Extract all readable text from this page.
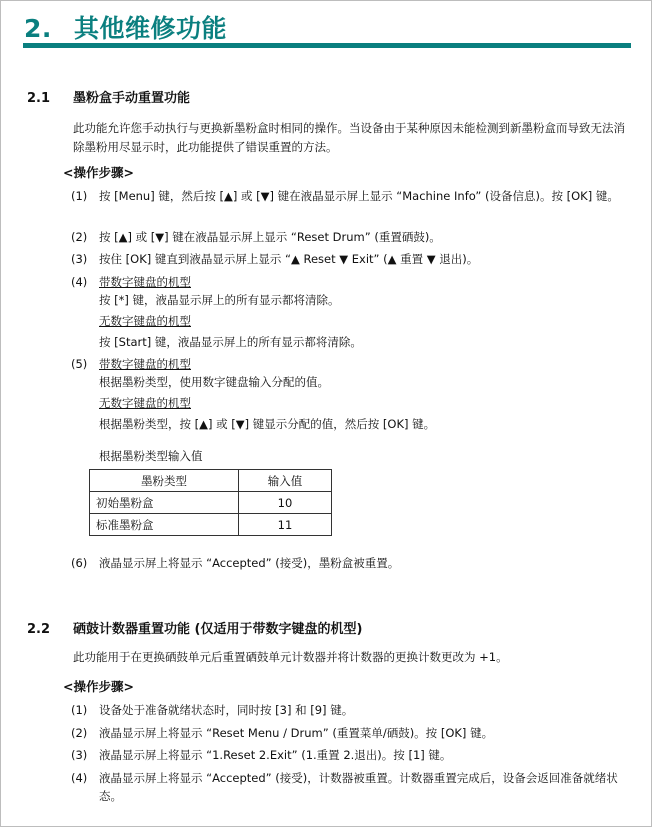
2. 其他维修功能
2.1 墨粉盒手动重置功能

此功能允许您手动执行与更换新墨粉盒时相同的操作。当设备由于某种原因未能检测到新墨粉盒而导致无法消除墨粉用尽显示时，此功能提供了错误重置的方法。

<操作步骤>

(1) 按 [Menu] 键，然后按 [▲] 或 [▼] 键在液晶显示屏上显示 “Machine Info” (设备信息)。按 [OK] 键。
(2) 按 [▲] 或 [▼] 键在液晶显示屏上显示 “Reset Drum” (重置硒鼓)。
(3) 按住 [OK] 键直到液晶显示屏上显示 “▲ Reset ▼ Exit” (▲ 重置 ▼ 退出)。
(4) 带数字键盘的机型
按 [*] 键，液晶显示屏上的所有显示都将清除。
无数字键盘的机型
按 [Start] 键，液晶显示屏上的所有显示都将清除。
(5) 带数字键盘的机型
根据墨粉类型，使用数字键盘输入分配的值。
无数字键盘的机型
根据墨粉类型，按 [▲] 或 [▼] 键显示分配的值，然后按 [OK] 键。
根据墨粉类型输入值
墨粉类型	输入值
初始墨粉盒	10
标准墨粉盒	11
(6) 液晶显示屏上将显示 “Accepted” (接受)，墨粉盒被重置。
2.2 硒鼓计数器重置功能 (仅适用于带数字键盘的机型)

此功能用于在更换硒鼓单元后重置硒鼓单元计数器并将计数器的更换计数更改为 +1。

<操作步骤>

(1) 设备处于准备就绪状态时，同时按 [3] 和 [9] 键。
(2) 液晶显示屏上将显示 “Reset Menu / Drum” (重置菜单/硒鼓)。按 [OK] 键。
(3) 液晶显示屏上将显示 “1.Reset 2.Exit” (1.重置 2.退出)。按 [1] 键。
(4) 液晶显示屏上将显示 “Accepted” (接受)，计数器被重置。计数器重置完成后，设备会返回准备就绪状态。
